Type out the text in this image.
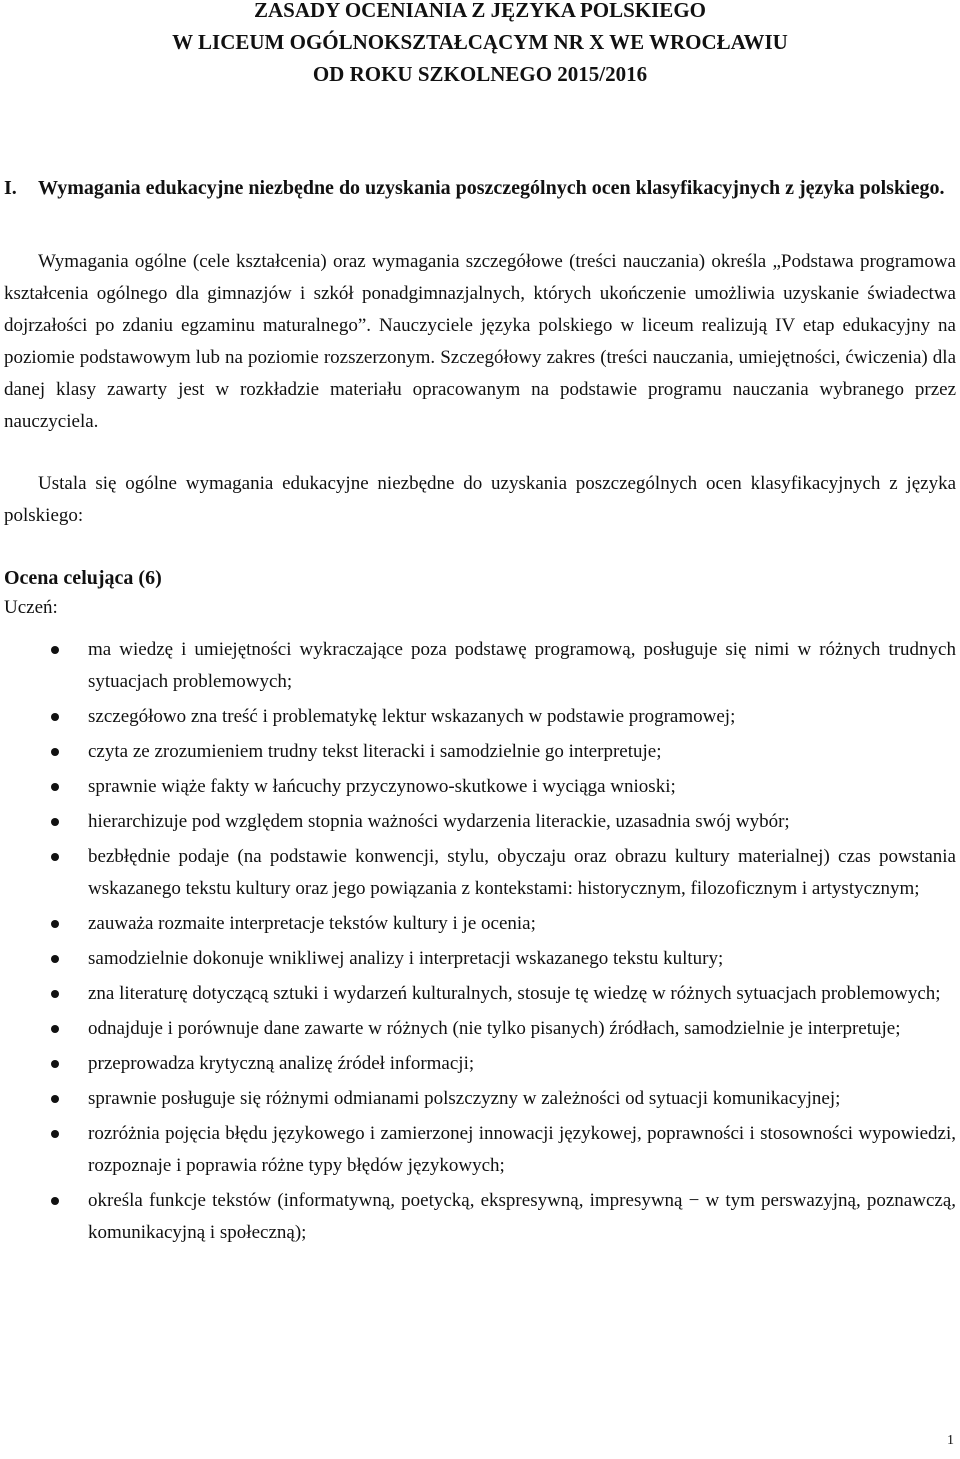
ZASADY OCENIANIA Z JĘZYKA POLSKIEGO

W LICEUM OGÓLNOKSZTAŁCĄCYM NR X WE WROCŁAWIU

OD ROKU SZKOLNEGO 2015/2016

I. Wymagania edukacyjne niezbędne do uzyskania poszczególnych ocen klasyfikacyjnych z języka polskiego.

Wymagania ogólne (cele kształcenia) oraz wymagania szczegółowe (treści nauczania) określa „Podstawa programowa kształcenia ogólnego dla gimnazjów i szkół ponadgimnazjalnych, których ukończenie umożliwia uzyskanie świadectwa dojrzałości po zdaniu egzaminu maturalnego”. Nauczyciele języka polskiego w liceum realizują IV etap edukacyjny na poziomie podstawowym lub na poziomie rozszerzonym. Szczegółowy zakres (treści nauczania, umiejętności, ćwiczenia) dla danej klasy zawarty jest w rozkładzie materiału opracowanym na podstawie programu nauczania wybranego przez nauczyciela.

Ustala się ogólne wymagania edukacyjne niezbędne do uzyskania poszczególnych ocen klasyfikacyjnych z języka polskiego:

Ocena celująca (6)

Uczeń:

ma wiedzę i umiejętności wykraczające poza podstawę programową, posługuje się nimi w różnych trudnych sytuacjach problemowych;
szczegółowo zna treść i problematykę lektur wskazanych w podstawie programowej;
czyta ze zrozumieniem trudny tekst literacki i samodzielnie go interpretuje;
sprawnie wiąże fakty w łańcuchy przyczynowo-skutkowe i wyciąga wnioski;
hierarchizuje pod względem stopnia ważności wydarzenia literackie, uzasadnia swój wybór;
bezbłędnie podaje (na podstawie konwencji, stylu, obyczaju oraz obrazu kultury materialnej) czas powstania wskazanego tekstu kultury oraz jego powiązania z kontekstami: historycznym, filozoficznym i artystycznym;
zauważa rozmaite interpretacje tekstów kultury i je ocenia;
samodzielnie dokonuje wnikliwej analizy i interpretacji wskazanego tekstu kultury;
zna literaturę dotyczącą sztuki i wydarzeń kulturalnych, stosuje tę wiedzę w różnych sytuacjach problemowych;
odnajduje i porównuje dane zawarte w różnych (nie tylko pisanych) źródłach, samodzielnie je interpretuje;
przeprowadza krytyczną analizę źródeł informacji;
sprawnie posługuje się różnymi odmianami polszczyzny w zależności od sytuacji komunikacyjnej;
rozróżnia pojęcia błędu językowego i zamierzonej innowacji językowej, poprawności i stosowności wypowiedzi, rozpoznaje i poprawia różne typy błędów językowych;
określa funkcje tekstów (informatywną, poetycką, ekspresywną, impresywną − w tym perswazyjną, poznawczą, komunikacyjną i społeczną);
1
